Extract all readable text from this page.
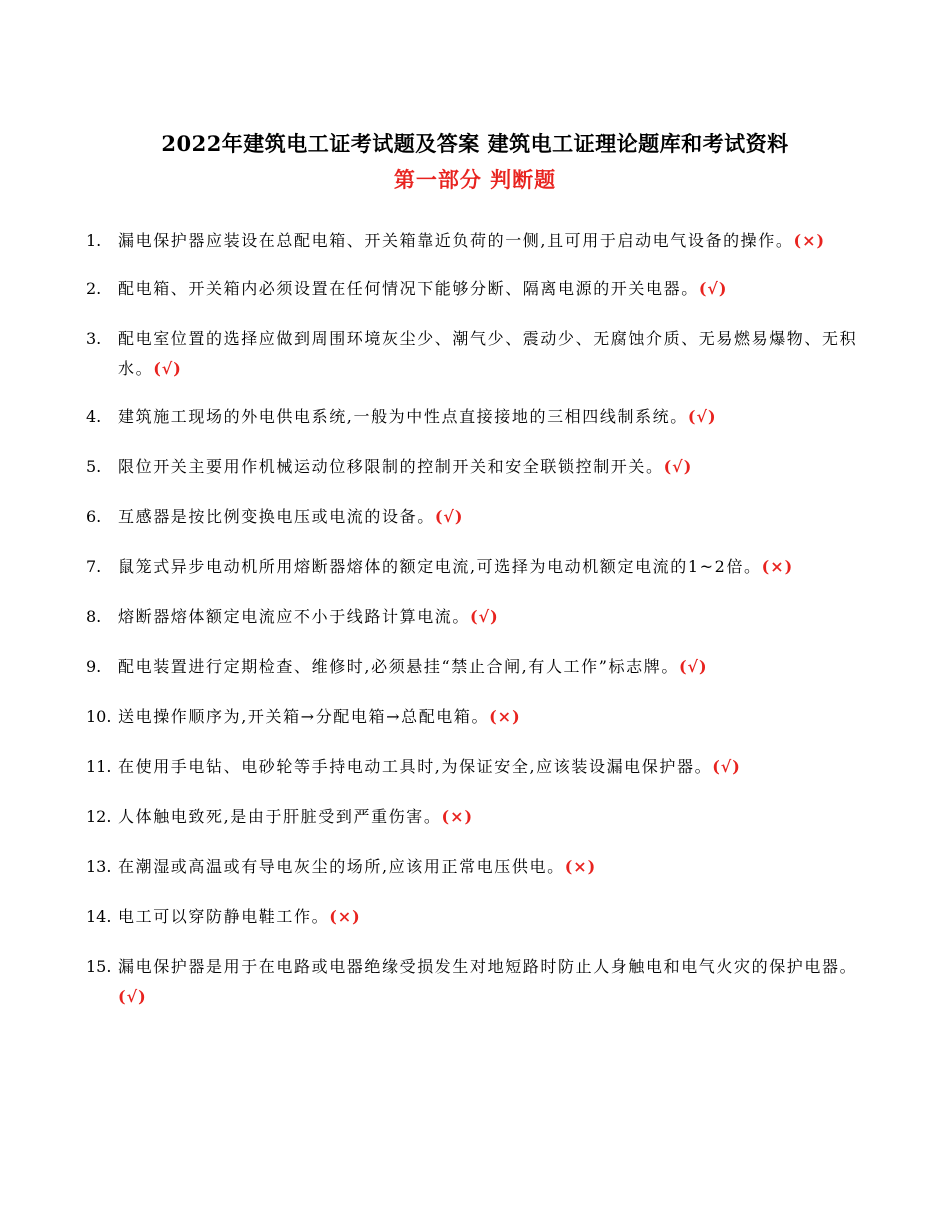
2022年建筑电工证考试题及答案 建筑电工证理论题库和考试资料
第一部分 判断题
1. 漏电保护器应装设在总配电箱、开关箱靠近负荷的一侧,且可用于启动电气设备的操作。(×)
2. 配电箱、开关箱内必须设置在任何情况下能够分断、隔离电源的开关电器。(√)
3. 配电室位置的选择应做到周围环境灰尘少、潮气少、震动少、无腐蚀介质、无易燃易爆物、无积水。(√)
4. 建筑施工现场的外电供电系统,一般为中性点直接接地的三相四线制系统。(√)
5. 限位开关主要用作机械运动位移限制的控制开关和安全联锁控制开关。(√)
6. 互感器是按比例变换电压或电流的设备。(√)
7. 鼠笼式异步电动机所用熔断器熔体的额定电流,可选择为电动机额定电流的1~2倍。(×)
8. 熔断器熔体额定电流应不小于线路计算电流。(√)
9. 配电装置进行定期检查、维修时,必须悬挂“禁止合闸,有人工作”标志牌。(√)
10. 送电操作顺序为,开关箱→分配电箱→总配电箱。(×)
11. 在使用手电钻、电砂轮等手持电动工具时,为保证安全,应该装设漏电保护器。(√)
12. 人体触电致死,是由于肝脏受到严重伤害。(×)
13. 在潮湿或高温或有导电灰尘的场所,应该用正常电压供电。(×)
14. 电工可以穿防静电鞋工作。(×)
15. 漏电保护器是用于在电路或电器绝缘受损发生对地短路时防止人身触电和电气火灾的保护电器。(√)
